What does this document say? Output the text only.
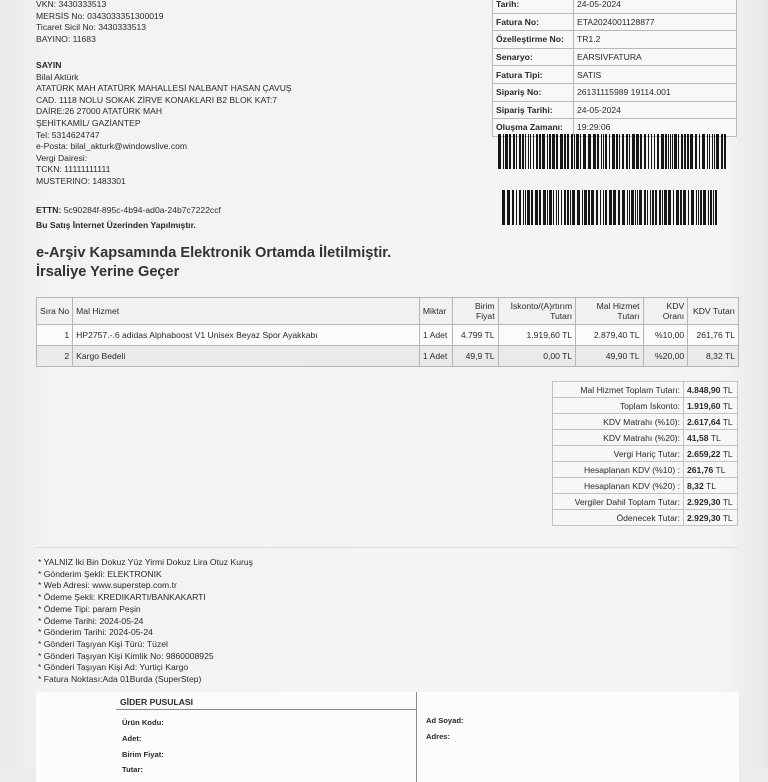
VKN: 3430333513
MERSİS No: 0343033351300019
Ticaret Sicil No: 3430333513
BAYINO: 11683
SAYIN
Bilal Aktürk
ATATÜRK MAH ATATÜRK MAHALLESİ NALBANT HASAN ÇAVUŞ
CAD. 1118 NOLU SOKAK ZİRVE KONAKLARI B2 BLOK KAT:7
DAİRE:26 27000 ATATÜRK MAH
ŞEHİTKAMİL/ GAZİANTEP
Tel: 5314624747
e-Posta: bilal_akturk@windowslive.com
Vergi Dairesi:
TCKN: 11111111111
MUSTERINO: 1483301
ETTN: 5c90284f-895c-4b94-ad0a-24b7c7222ccf
Bu Satış İnternet Üzerinden Yapılmıştır.
Tarih:	24-05-2024
Fatura No:	ETA2024001128877
Özelleştirme No:	TR1.2
Senaryo:	EARSIVFATURA
Fatura Tipi:	SATIS
Sipariş No:	26131115989 19114.001
Sipariş Tarihi:	24-05-2024
Oluşma Zamanı:	19:29:06
e-Arşiv Kapsamında Elektronik Ortamda İletilmiştir.
İrsaliye Yerine Geçer
Sıra No	Mal Hizmet	Miktar	Birim Fiyat	İskonto/(A)rtırım Tutarı	Mal Hizmet Tutarı	KDV Oranı	KDV Tutarı
1	HP2757.-.6 adidas Alphaboost V1 Unisex Beyaz Spor Ayakkabı	1 Adet	4.799 TL	1.919,60 TL	2.879,40 TL	%10,00	261,76 TL
2	Kargo Bedeli	1 Adet	49,9 TL	0,00 TL	49,90 TL	%20,00	8,32 TL
Mal Hizmet Toplam Tutarı:	4.848,90 TL
Toplam İskonto:	1.919,60 TL
KDV Matrahı (%10):	2.617,64 TL
KDV Matrahı (%20):	41,58 TL
Vergi Hariç Tutar:	2.659,22 TL
Hesaplanan KDV (%10) :	261,76 TL
Hesaplanan KDV (%20) :	8,32 TL
Vergiler Dahil Toplam Tutar:	2.929,30 TL
Ödenecek Tutar:	2.929,30 TL
* YALNIZ İki Bin Dokuz Yüz Yirmi Dokuz Lira Otuz Kuruş
* Gönderim Şekli: ELEKTRONIK
* Web Adresi: www.superstep.com.tr
* Ödeme Şekli: KREDIKARTI/BANKAKARTI
* Ödeme Tipi: param Peşin
* Ödeme Tarihi: 2024-05-24
* Gönderim Tarihi: 2024-05-24
* Gönderi Taşıyan Kişi Türü: Tüzel
* Gönderi Taşıyan Kişi Kimlik No: 9860008925
* Gönderi Taşıyan Kişi Ad: Yurtiçi Kargo
* Fatura Noktası:Ada 01Burda (SuperStep)
GİDER PUSULASI
Ürün Kodu:
Adet:
Birim Fiyat:
Tutar:
Ad Soyad:
Adres:
